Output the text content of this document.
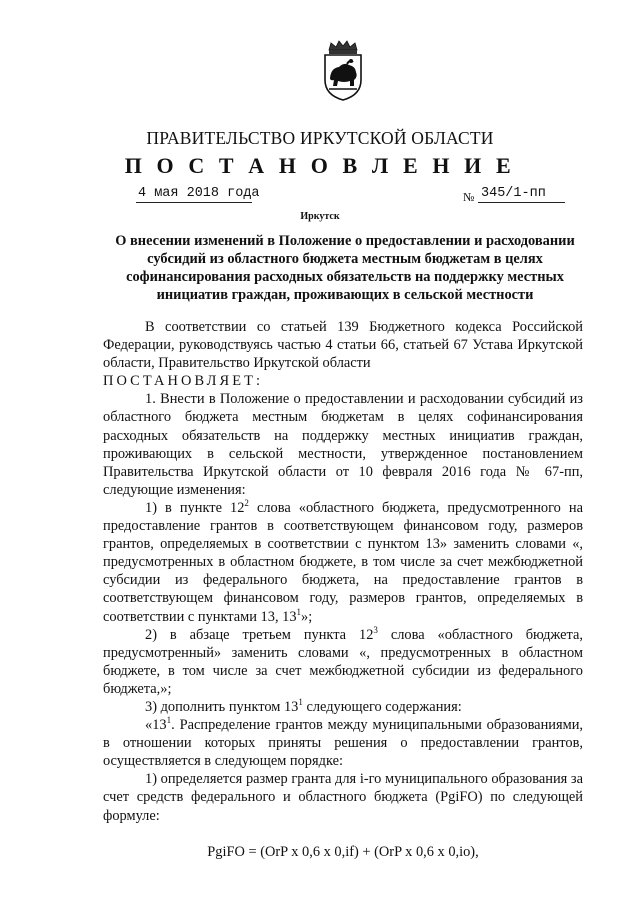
ПРАВИТЕЛЬСТВО ИРКУТСКОЙ ОБЛАСТИ
П О С Т А Н О В Л Е Н И Е
4 мая 2018 года	№ 345/1-пп
Иркутск
О внесении изменений в Положение о предоставлении и расходовании субсидий из областного бюджета местным бюджетам в целях софинансирования расходных обязательств на поддержку местных инициатив граждан, проживающих в сельской местности

В соответствии со статьей 139 Бюджетного кодекса Российской Федерации, руководствуясь частью 4 статьи 66, статьей 67 Устава Иркутской области, Правительство Иркутской области

ПОСТАНОВЛЯЕТ:

1. Внести в Положение о предоставлении и расходовании субсидий из областного бюджета местным бюджетам в целях софинансирования расходных обязательств на поддержку местных инициатив граждан, проживающих в сельской местности, утвержденное постановлением Правительства Иркутской области от 10 февраля 2016 года № 67-пп, следующие изменения:

1) в пункте $12^2$ слова «областного бюджета, предусмотренного на предоставление грантов в соответствующем финансовом году, размеров грантов, определяемых в соответствии с пунктом 13» заменить словами «, предусмотренных в областном бюджете, в том числе за счет межбюджетной субсидии из федерального бюджета, на предоставление грантов в соответствующем финансовом году, размеров грантов, определяемых в соответствии с пунктами 13, $13^1$»;

2) в абзаце третьем пункта $12^3$ слова «областного бюджета, предусмотренный» заменить словами «, предусмотренных в областном бюджете, в том числе за счет межбюджетной субсидии из федерального бюджета,»;

3) дополнить пунктом $13^1$ следующего содержания:

«$13^1$. Распределение грантов между муниципальными образованиями, в отношении которых приняты решения о предоставлении грантов, осуществляется в следующем порядке:

1) определяется размер гранта для i-го муниципального образования за счет средств федерального и областного бюджета (PgiFO) по следующей формуле:

PgiFO = (OrP x 0,6 x 0,if) + (OrP x 0,6 x 0,io),
